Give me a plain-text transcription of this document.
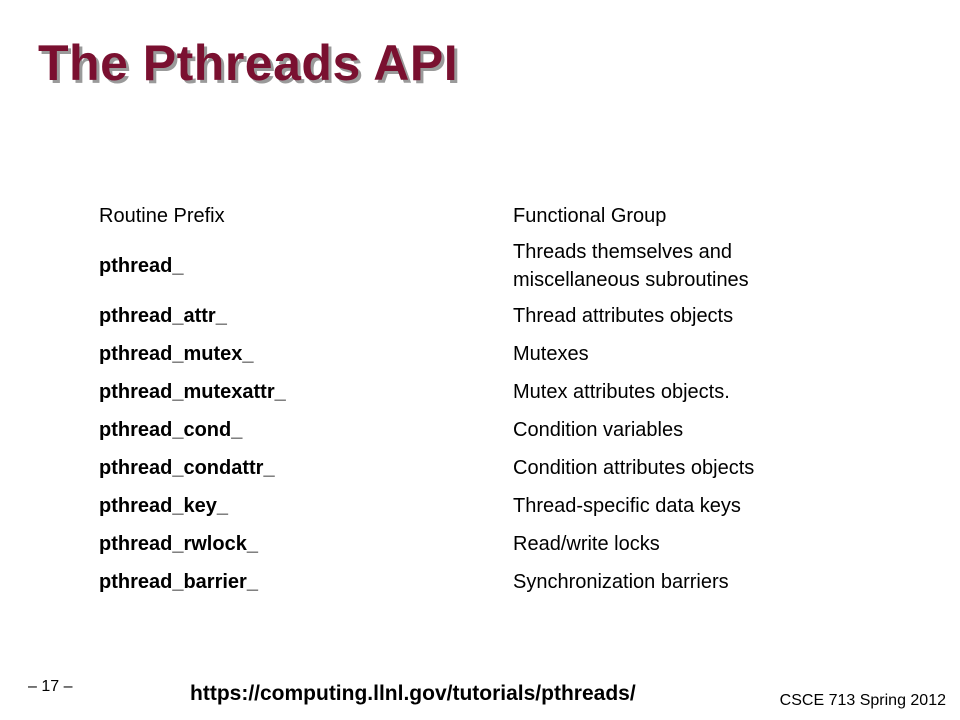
The Pthreads API
Routine Prefix	Functional Group
pthread_	Threads themselves and miscellaneous subroutines
pthread_attr_	Thread attributes objects
pthread_mutex_	Mutexes
pthread_mutexattr_	Mutex attributes objects.
pthread_cond_	Condition variables
pthread_condattr_	Condition attributes objects
pthread_key_	Thread-specific data keys
pthread_rwlock_	Read/write locks
pthread_barrier_	Synchronization barriers
– 17 –	https://computing.llnl.gov/tutorials/pthreads/	CSCE 713 Spring 2012
